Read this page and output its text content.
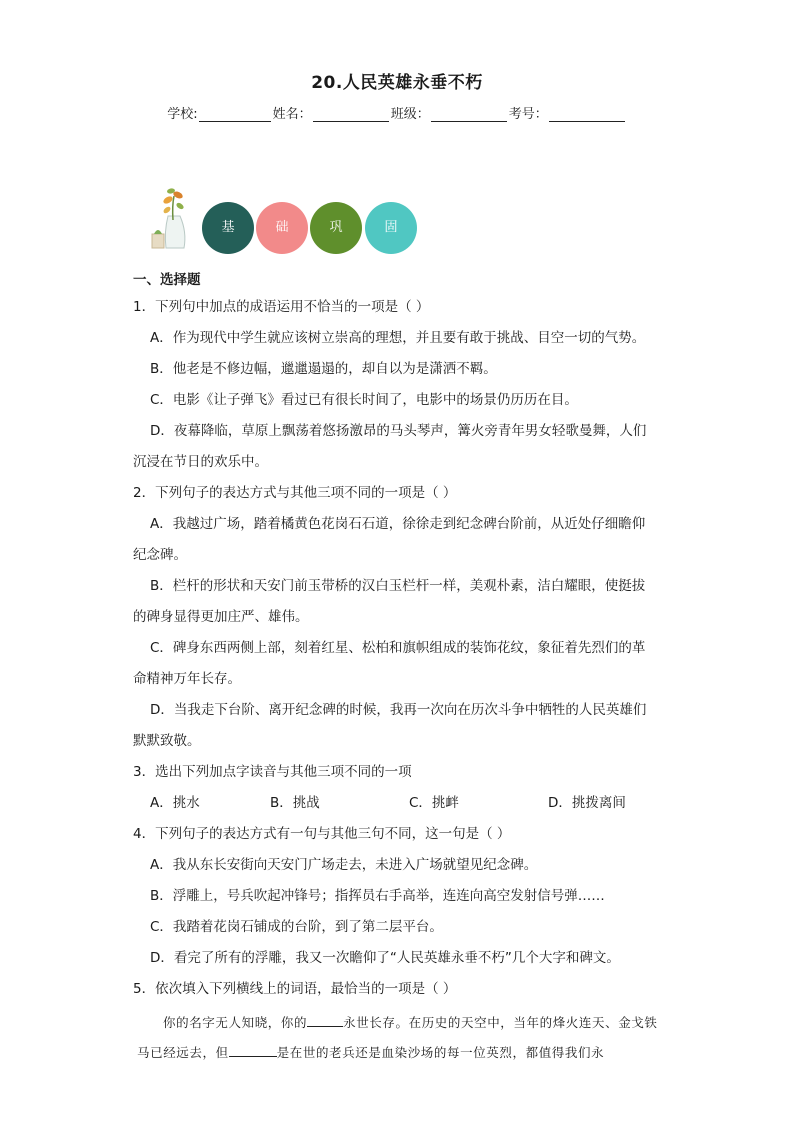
20.人民英雄永垂不朽
学校:	姓名：	班级：	考号：
基	础	巩	固
一、选择题
1．下列句中加点的成语运用不恰当的一项是（ ）
A．作为现代中学生就应该树立崇高的理想，并且要有敢于挑战、目空一切的气势。
B．他老是不修边幅，邋邋遢遢的，却自以为是潇洒不羁。
C．电影《让子弹飞》看过已有很长时间了，电影中的场景仍历历在目。
D．夜幕降临，草原上飘荡着悠扬激昂的马头琴声，篝火旁青年男女轻歌曼舞，人们
沉浸在节日的欢乐中。
2．下列句子的表达方式与其他三项不同的一项是（ ）
A．我越过广场，踏着橘黄色花岗石石道，徐徐走到纪念碑台阶前，从近处仔细瞻仰
纪念碑。
B．栏杆的形状和天安门前玉带桥的汉白玉栏杆一样，美观朴素，洁白耀眼，使挺拔
的碑身显得更加庄严、雄伟。
C．碑身东西两侧上部，刻着红星、松柏和旗帜组成的装饰花纹，象征着先烈们的革
命精神万年长存。
D．当我走下台阶、离开纪念碑的时候，我再一次向在历次斗争中牺牲的人民英雄们
默默致敬。
3．选出下列加点字读音与其他三项不同的一项
A．挑水	B．挑战	C．挑衅	D．挑拨离间
4．下列句子的表达方式有一句与其他三句不同，这一句是（ ）
A．我从东长安街向天安门广场走去，未进入广场就望见纪念碑。
B．浮雕上，号兵吹起冲锋号；指挥员右手高举，连连向高空发射信号弹……
C．我踏着花岗石铺成的台阶，到了第二层平台。
D．看完了所有的浮雕，我又一次瞻仰了“人民英雄永垂不朽”几个大字和碑文。
5．依次填入下列横线上的词语，最恰当的一项是（ ）
你的名字无人知晓，你的	永世长存。在历史的天空中，当年的烽火连天、金戈铁马已经远去，但	是在世的老兵还是血染沙场的每一位英烈，都值得我们永
